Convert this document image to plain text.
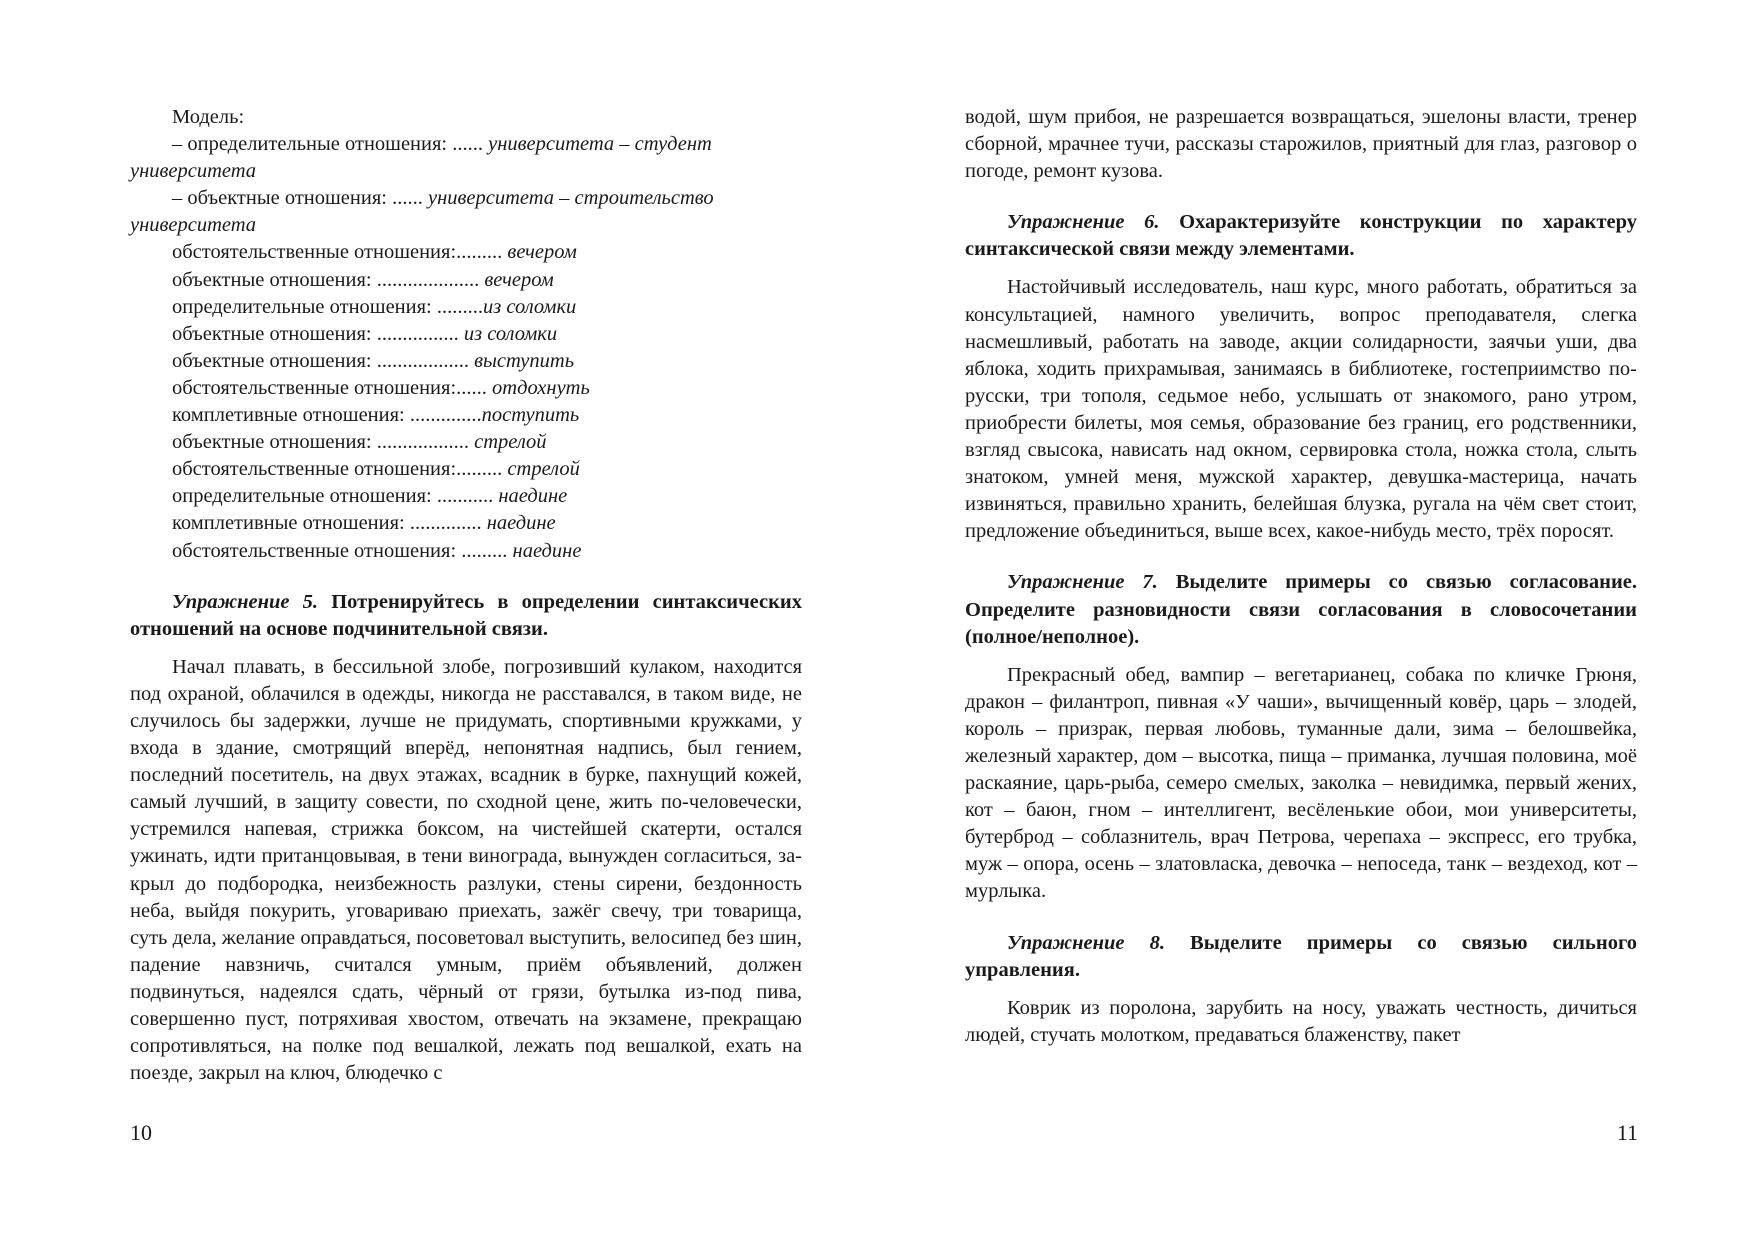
Модель:

– определительные отношения: ...... университета – студент
университета

– объектные отношения: ...... университета – строительство
университета

обстоятельственные отношения:......... вечером

объектные отношения: .................... вечером

определительные отношения: .........из соломки

объектные отношения: ................ из соломки

объектные отношения: .................. выступить

обстоятельственные отношения:...... отдохнуть

комплетивные отношения: ..............поступить

объектные отношения: .................. стрелой

обстоятельственные отношения:......... стрелой

определительные отношения: ........... наедине

комплетивные отношения: .............. наедине

обстоятельственные отношения: ......... наедине

Упражнение 5. Потренируйтесь в определении синтаксических отношений на основе подчинительной связи.

Начал плавать, в бессильной злобе, погрозивший кулаком, находится под охраной, облачился в одежды, никогда не расставался, в таком виде, не случилось бы задержки, лучше не придумать, спортивными кружками, у входа в здание, смотрящий вперёд, непонятная надпись, был гением, последний посетитель, на двух этажах, всадник в бурке, пахнущий кожей, самый лучший, в защиту совести, по сходной цене, жить по-человечески, устремился напевая, стрижка боксом, на чистейшей скатерти, остался ужинать, идти пританцовывая, в тени винограда, вынужден согласиться, закрыл до подбородка, неизбежность разлуки, стены сирени, бездонность неба, выйдя покурить, уговариваю приехать, зажёг свечу, три товарища, суть дела, желание оправдаться, посоветовал выступить, велосипед без шин, падение навзничь, считался умным, приём объявлений, должен подвинуться, надеялся сдать, чёрный от грязи, бутылка из-под пива, совершенно пуст, потряхивая хвостом, отвечать на экзамене, прекращаю сопротивляться, на полке под вешалкой, лежать под вешалкой, ехать на поезде, закрыл на ключ, блюдечко с

10

водой, шум прибоя, не разрешается возвращаться, эшелоны власти, тренер сборной, мрачнее тучи, рассказы старожилов, приятный для глаз, разговор о погоде, ремонт кузова.

Упражнение 6. Охарактеризуйте конструкции по характеру синтаксической связи между элементами.

Настойчивый исследователь, наш курс, много работать, обратиться за консультацией, намного увеличить, вопрос преподавателя, слегка насмешливый, работать на заводе, акции солидарности, заячьи уши, два яблока, ходить прихрамывая, занимаясь в библиотеке, гостеприимство по-русски, три тополя, седьмое небо, услышать от знакомого, рано утром, приобрести билеты, моя семья, образование без границ, его родственники, взгляд свысока, нависать над окном, сервировка стола, ножка стола, слыть знатоком, умней меня, мужской характер, девушка-мастерица, начать извиняться, правильно хранить, белейшая блузка, ругала на чём свет стоит, предложение объединиться, выше всех, какое-нибудь место, трёх поросят.

Упражнение 7. Выделите примеры со связью согласование. Определите разновидности связи согласования в словосочетании (полное/неполное).

Прекрасный обед, вампир – вегетарианец, собака по кличке Грюня, дракон – филантроп, пивная «У чаши», вычищенный ковёр, царь – злодей, король – призрак, первая любовь, туманные дали, зима – белошвейка, железный характер, дом – высотка, пища – приманка, лучшая половина, моё раскаяние, царь-рыба, семеро смелых, заколка – невидимка, первый жених, кот – баюн, гном – интеллигент, весёленькие обои, мои университеты, бутерброд – соблазнитель, врач Петрова, черепаха – экспресс, его трубка, муж – опора, осень – златовласка, девочка – непоседа, танк – вездеход, кот – мурлыка.

Упражнение 8. Выделите примеры со связью сильного управления.

Коврик из поролона, зарубить на носу, уважать честность, дичиться людей, стучать молотком, предаваться блаженству, пакет

11
